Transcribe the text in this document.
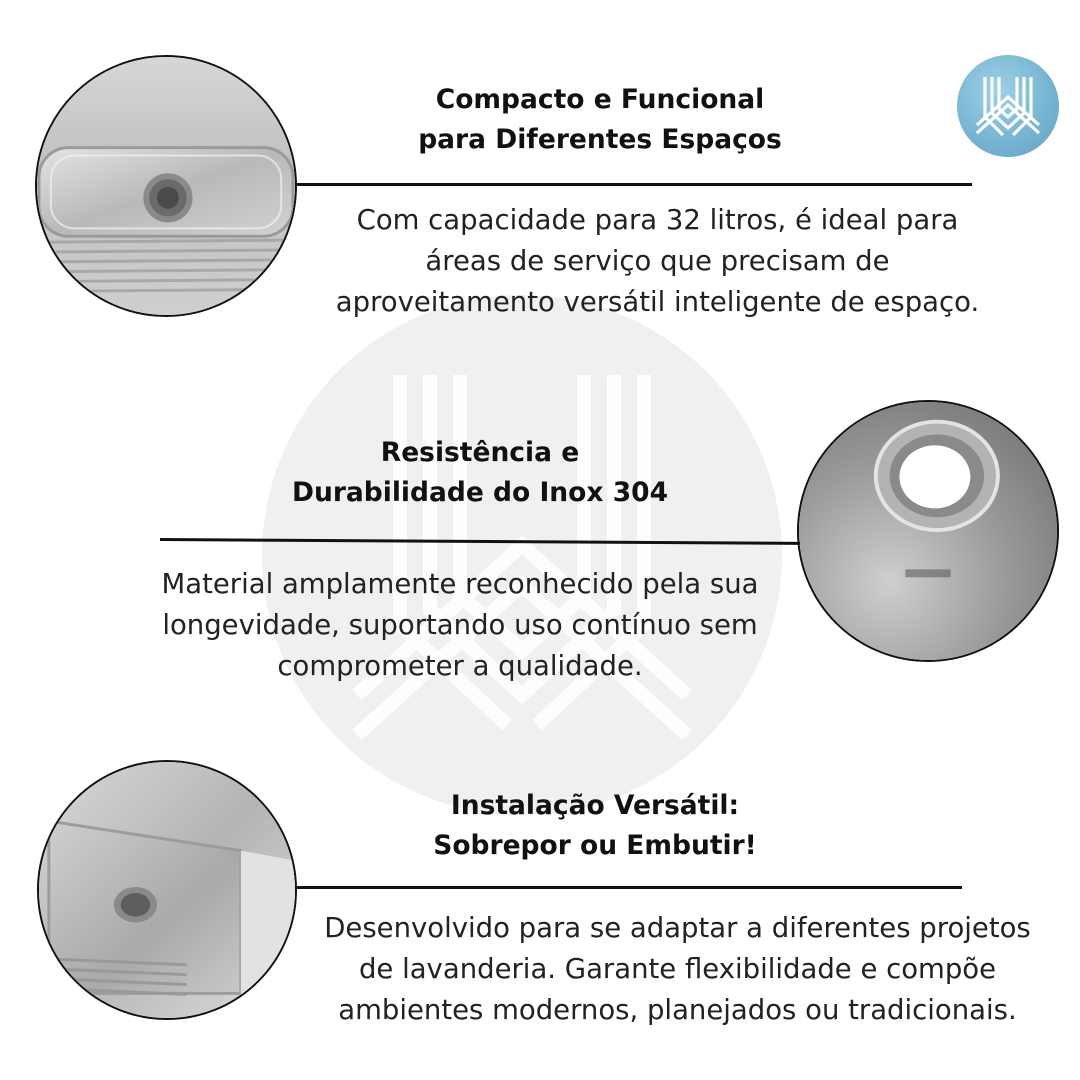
Compacto e Funcional
para Diferentes Espaços
Com capacidade para 32 litros, é ideal para
áreas de serviço que precisam de
aproveitamento versátil inteligente de espaço.
Resistência e
Durabilidade do Inox 304
Material amplamente reconhecido pela sua
longevidade, suportando uso contínuo sem
comprometer a qualidade.
Instalação Versátil:
Sobrepor ou Embutir!
Desenvolvido para se adaptar a diferentes projetos
de lavanderia. Garante flexibilidade e compõe
ambientes modernos, planejados ou tradicionais.
